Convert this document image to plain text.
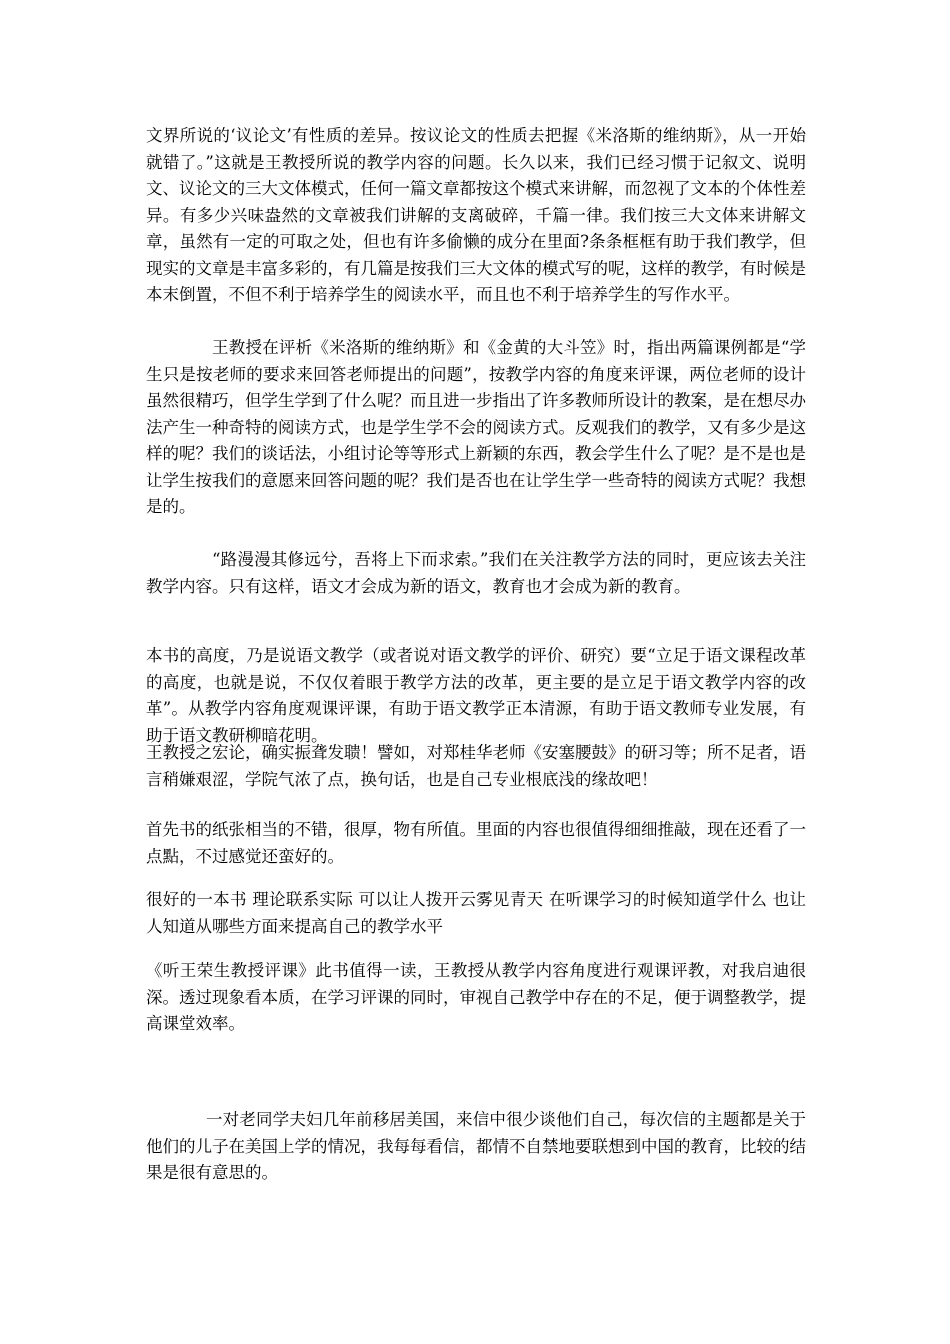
文界所说的‘议论文’有性质的差异。按议论文的性质去把握《米洛斯的维纳斯》，从一开始就错了。”这就是王教授所说的教学内容的问题。长久以来，我们已经习惯于记叙文、说明文、议论文的三大文体模式，任何一篇文章都按这个模式来讲解，而忽视了文本的个体性差异。有多少兴味盎然的文章被我们讲解的支离破碎，千篇一律。我们按三大文体来讲解文章，虽然有一定的可取之处，但也有许多偷懒的成分在里面?条条框框有助于我们教学，但现实的文章是丰富多彩的，有几篇是按我们三大文体的模式写的呢，这样的教学，有时候是本末倒置，不但不利于培养学生的阅读水平，而且也不利于培养学生的写作水平。

王教授在评析《米洛斯的维纳斯》和《金黄的大斗笠》时，指出两篇课例都是“学生只是按老师的要求来回答老师提出的问题”，按教学内容的角度来评课，两位老师的设计虽然很精巧，但学生学到了什么呢？而且进一步指出了许多教师所设计的教案，是在想尽办法产生一种奇特的阅读方式，也是学生学不会的阅读方式。反观我们的教学，又有多少是这样的呢？我们的谈话法，小组讨论等等形式上新颖的东西，教会学生什么了呢？是不是也是让学生按我们的意愿来回答问题的呢？我们是否也在让学生学一些奇特的阅读方式呢？我想是的。

“路漫漫其修远兮，吾将上下而求索。”我们在关注教学方法的同时，更应该去关注教学内容。只有这样，语文才会成为新的语文，教育也才会成为新的教育。

本书的高度，乃是说语文教学（或者说对语文教学的评价、研究）要“立足于语文课程改革的高度，也就是说，不仅仅着眼于教学方法的改革，更主要的是立足于语文教学内容的改革”。从教学内容角度观课评课，有助于语文教学正本清源，有助于语文教师专业发展，有助于语文教研柳暗花明。

王教授之宏论，确实振聋发聩！譬如，对郑桂华老师《安塞腰鼓》的研习等；所不足者，语言稍嫌艰涩，学院气浓了点，换句话，也是自己专业根底浅的缘故吧！

首先书的纸张相当的不错，很厚，物有所值。里面的内容也很值得细细推敲，现在还看了一点點，不过感觉还蛮好的。

很好的一本书 理论联系实际 可以让人拨开云雾见青天 在听课学习的时候知道学什么 也让人知道从哪些方面来提高自己的教学水平

《听王荣生教授评课》此书值得一读，王教授从教学内容角度进行观课评教，对我启迪很深。透过现象看本质，在学习评课的同时，审视自己教学中存在的不足，便于调整教学，提高课堂效率。

一对老同学夫妇几年前移居美国，来信中很少谈他们自己，每次信的主题都是关于他们的儿子在美国上学的情况，我每每看信，都情不自禁地要联想到中国的教育，比较的结果是很有意思的。
